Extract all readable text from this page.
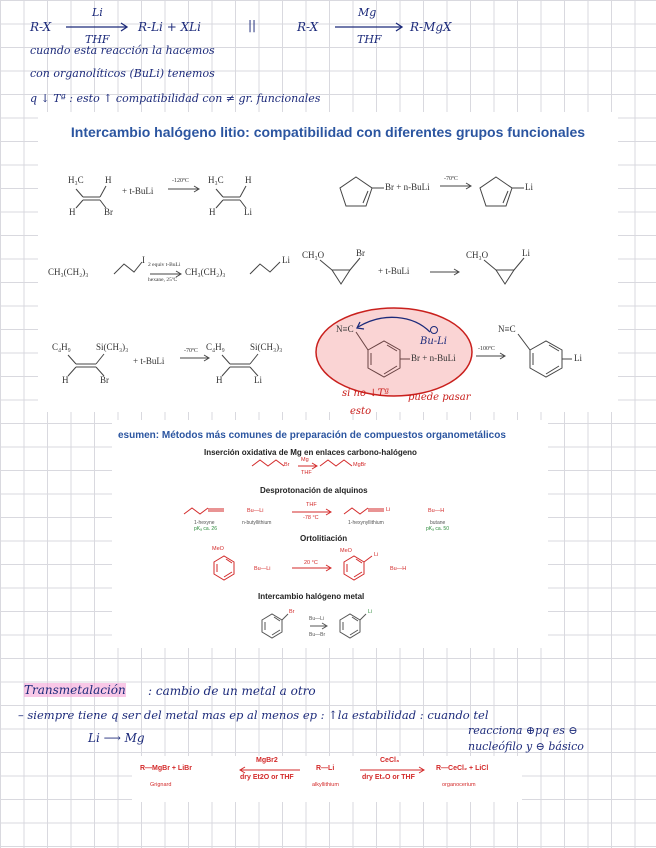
R-X
Li
THF
R-Li + XLi	||	R-X
Mg
THF
R-MgX
cuando esta reacción la hacemos
con organolíticos (BuLi) tenemos
q ↓ Tª : esto ↑ compatibilidad con ≠ gr. funcionales
Intercambio halógeno litio: compatibilidad con diferentes grupos funcionales
H₃C H
H	Br
+ t-BuLi
-120ºC H₃C H
H	Li
Br + n-BuLi
-70ºC
Li
CH₃(CH₂)₃
I 2 equiv t-BuLi
hexane, 25ºC
CH₃(CH₂)₃
Li CH₃O	Br
+ t-BuLi
CH₃O	Li
C₄H₉	Si(CH₃)₃
H	Br
+ t-BuLi
-70ºC C₄H₉	Si(CH₃)₃
H	Li
N≡C
Br + n-BuLi
-100ºC
N≡C
Li
Bu-Li
si no ↓Tª puede pasar
esto
esumen: Métodos más comunes de preparación de compuestos organometálicos
Inserción oxidativa de Mg en enlaces carbono-halógeno
Desprotonación de alquinos
Ortolitiación
Intercambio halógeno metal
Br
Mg
THF
MgBr
Bu—Li
THF
-78 °C
Li	Bu—H
1-hexyne
pKₐ ca. 26
n-butyllithium	1-hexynyllithium	butane
pKₐ ca. 50
MeO
Bu—Li
20 °C
MeO
Li
Bu—H
Br
Bu—Li
Bu—Br
Li
Transmetalación : cambio de un metal a otro
– siempre tiene q ser del metal mas ep al menos ep : ↑la estabilidad : cuando tel
reacciona ⊕pq es ⊖
nucleófilo y ⊖ básico
Li ⟶ Mg
R—MgBr + LiBr
Grignard
MgBr2
dry Et2O or THF
R—Li
alkyllithium
CeCl₃
dry Et₂O or THF
R—CeCl₂ + LiCl
organocerium
